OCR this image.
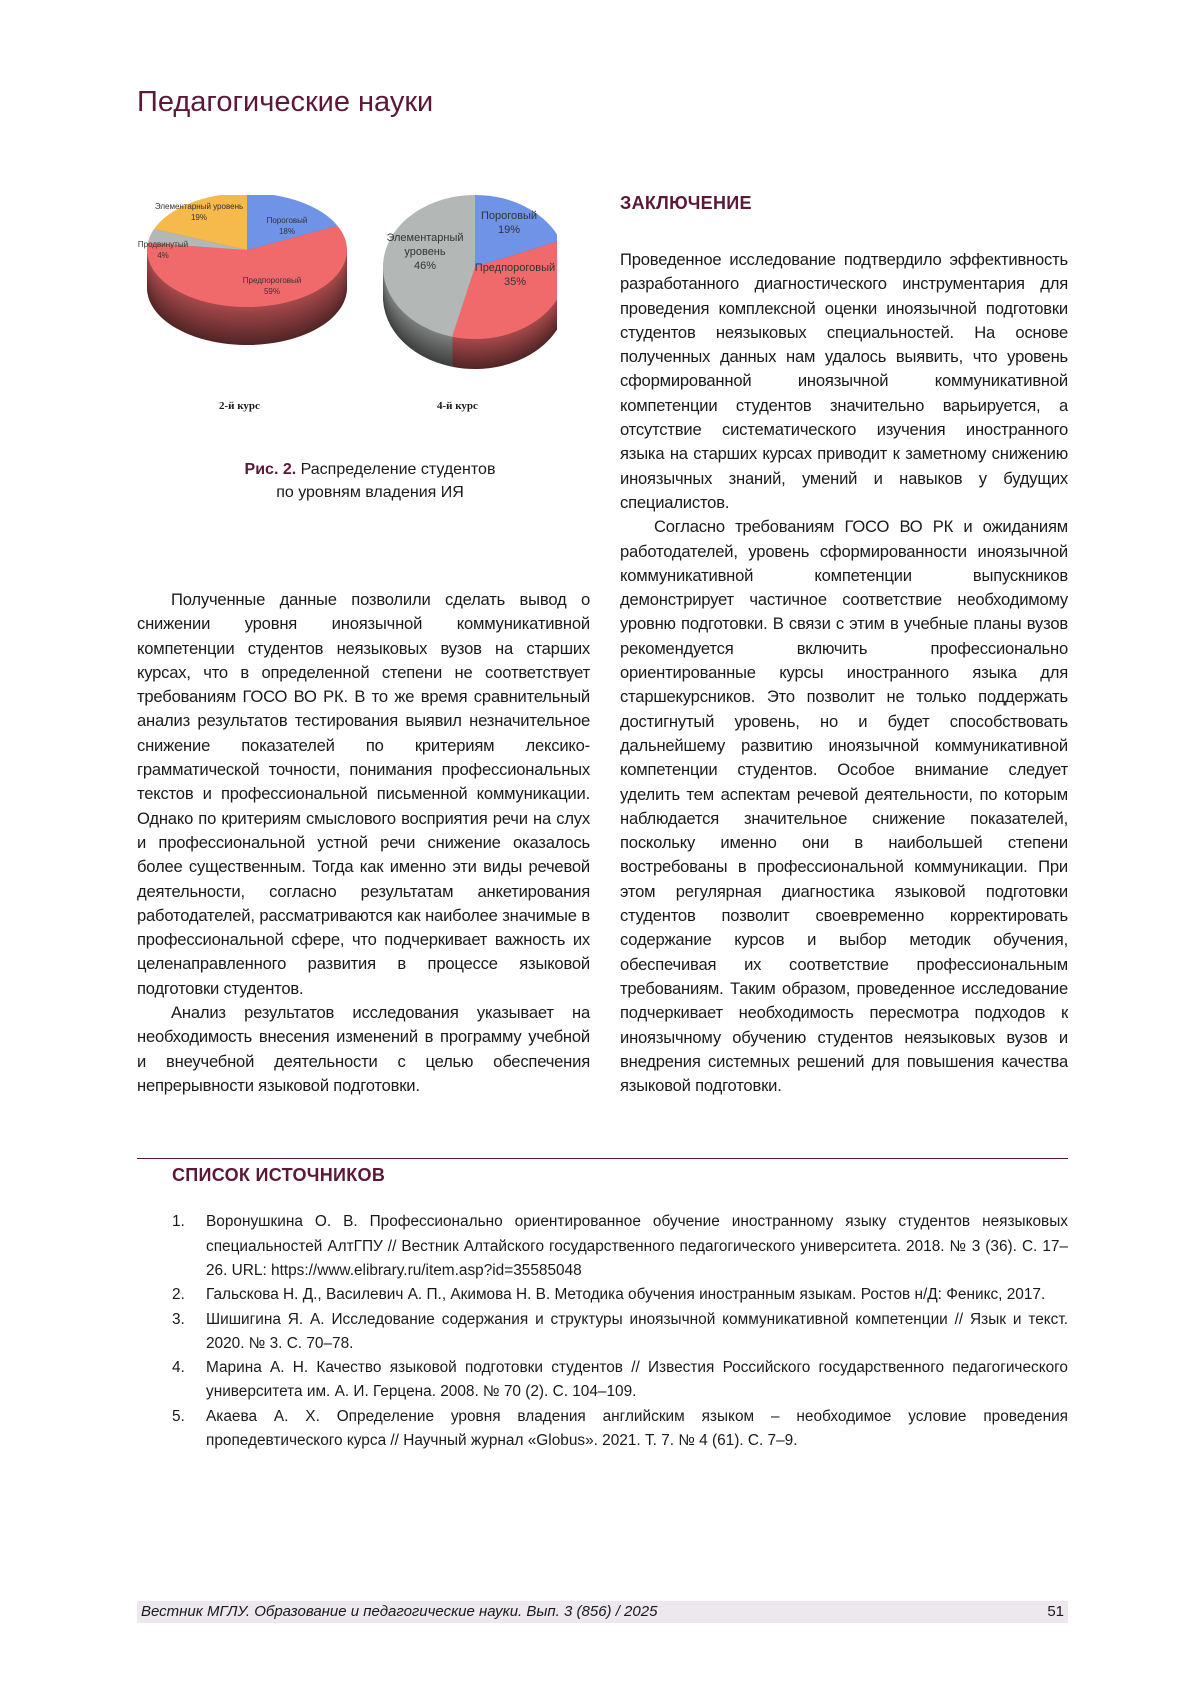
Педагогические науки
Пороговый18%
Предпороговый59%
Продвинутый4%
Элементарный уровень19%	Пороговый19%
Предпороговый35%
Элементарныйуровень46%
2-й курс	4-й курс
Рис. 2. Распределение студентов
по уровням владения ИЯ

Полученные данные позволили сделать вывод о снижении уровня иноязычной коммуникативной компетенции студентов неязыковых вузов на старших курсах, что в определенной степени не соответствует требованиям ГОСО ВО РК. В то же время сравнительный анализ результатов тестирования выявил незначительное снижение показателей по критериям лексико-грамматической точности, понимания профессиональных текстов и профессиональной письменной коммуникации. Однако по критериям смыслового восприятия речи на слух и профессиональной устной речи снижение оказалось более существенным. Тогда как именно эти виды речевой деятельности, согласно результатам анкетирования работодателей, рассматриваются как наиболее значимые в профессиональной сфере, что подчеркивает важность их целенаправленного развития в процессе языковой подготовки студентов.

Анализ результатов исследования указывает на необходимость внесения изменений в программу учебной и внеучебной деятельности с целью обеспечения непрерывности языковой подготовки.

ЗАКЛЮЧЕНИЕ

Проведенное исследование подтвердило эффективность разработанного диагностического инструментария для проведения комплексной оценки иноязычной подготовки студентов неязыковых специальностей. На основе полученных данных нам удалось выявить, что уровень сформированной иноязычной коммуникативной компетенции студентов значительно варьируется, а отсутствие систематического изучения иностранного языка на старших курсах приводит к заметному снижению иноязычных знаний, умений и навыков у будущих специалистов.

Согласно требованиям ГОСО ВО РК и ожиданиям работодателей, уровень сформированности иноязычной коммуникативной компетенции выпускников демонстрирует частичное соответствие необходимому уровню подготовки. В связи с этим в учебные планы вузов рекомендуется включить профессионально ориентированные курсы иностранного языка для старшекурсников. Это позволит не только поддержать достигнутый уровень, но и будет способствовать дальнейшему развитию иноязычной коммуникативной компетенции студентов. Особое внимание следует уделить тем аспектам речевой деятельности, по которым наблюдается значительное снижение показателей, поскольку именно они в наибольшей степени востребованы в профессиональной коммуникации. При этом регулярная диагностика языковой подготовки студентов позволит своевременно корректировать содержание курсов и выбор методик обучения, обеспечивая их соответствие профессиональным требованиям. Таким образом, проведенное исследование подчеркивает необходимость пересмотра подходов к иноязычному обучению студентов неязыковых вузов и внедрения системных решений для повышения качества языковой подготовки.

СПИСОК ИСТОЧНИКОВ
1. Воронушкина О. В. Профессионально ориентированное обучение иностранному языку студентов неязыковых специальностей АлтГПУ // Вестник Алтайского государственного педагогического университета. 2018. № 3 (36). С. 17–26. URL: https://www.elibrary.ru/item.asp?id=35585048
2. Гальскова Н. Д., Василевич А. П., Акимова Н. В. Методика обучения иностранным языкам. Ростов н/Д: Феникс, 2017.
3. Шишигина Я. А. Исследование содержания и структуры иноязычной коммуникативной компетенции // Язык и текст. 2020. № 3. С. 70–78.
4. Марина А. Н. Качество языковой подготовки студентов // Известия Российского государственного педагогического университета им. А. И. Герцена. 2008. № 70 (2). С. 104–109.
5. Акаева А. Х. Определение уровня владения английским языком – необходимое условие проведения пропедевтического курса // Научный журнал «Globus». 2021. Т. 7. № 4 (61). С. 7–9.
Вестник МГЛУ. Образование и педагогические науки. Вып. 3 (856) / 2025	51
